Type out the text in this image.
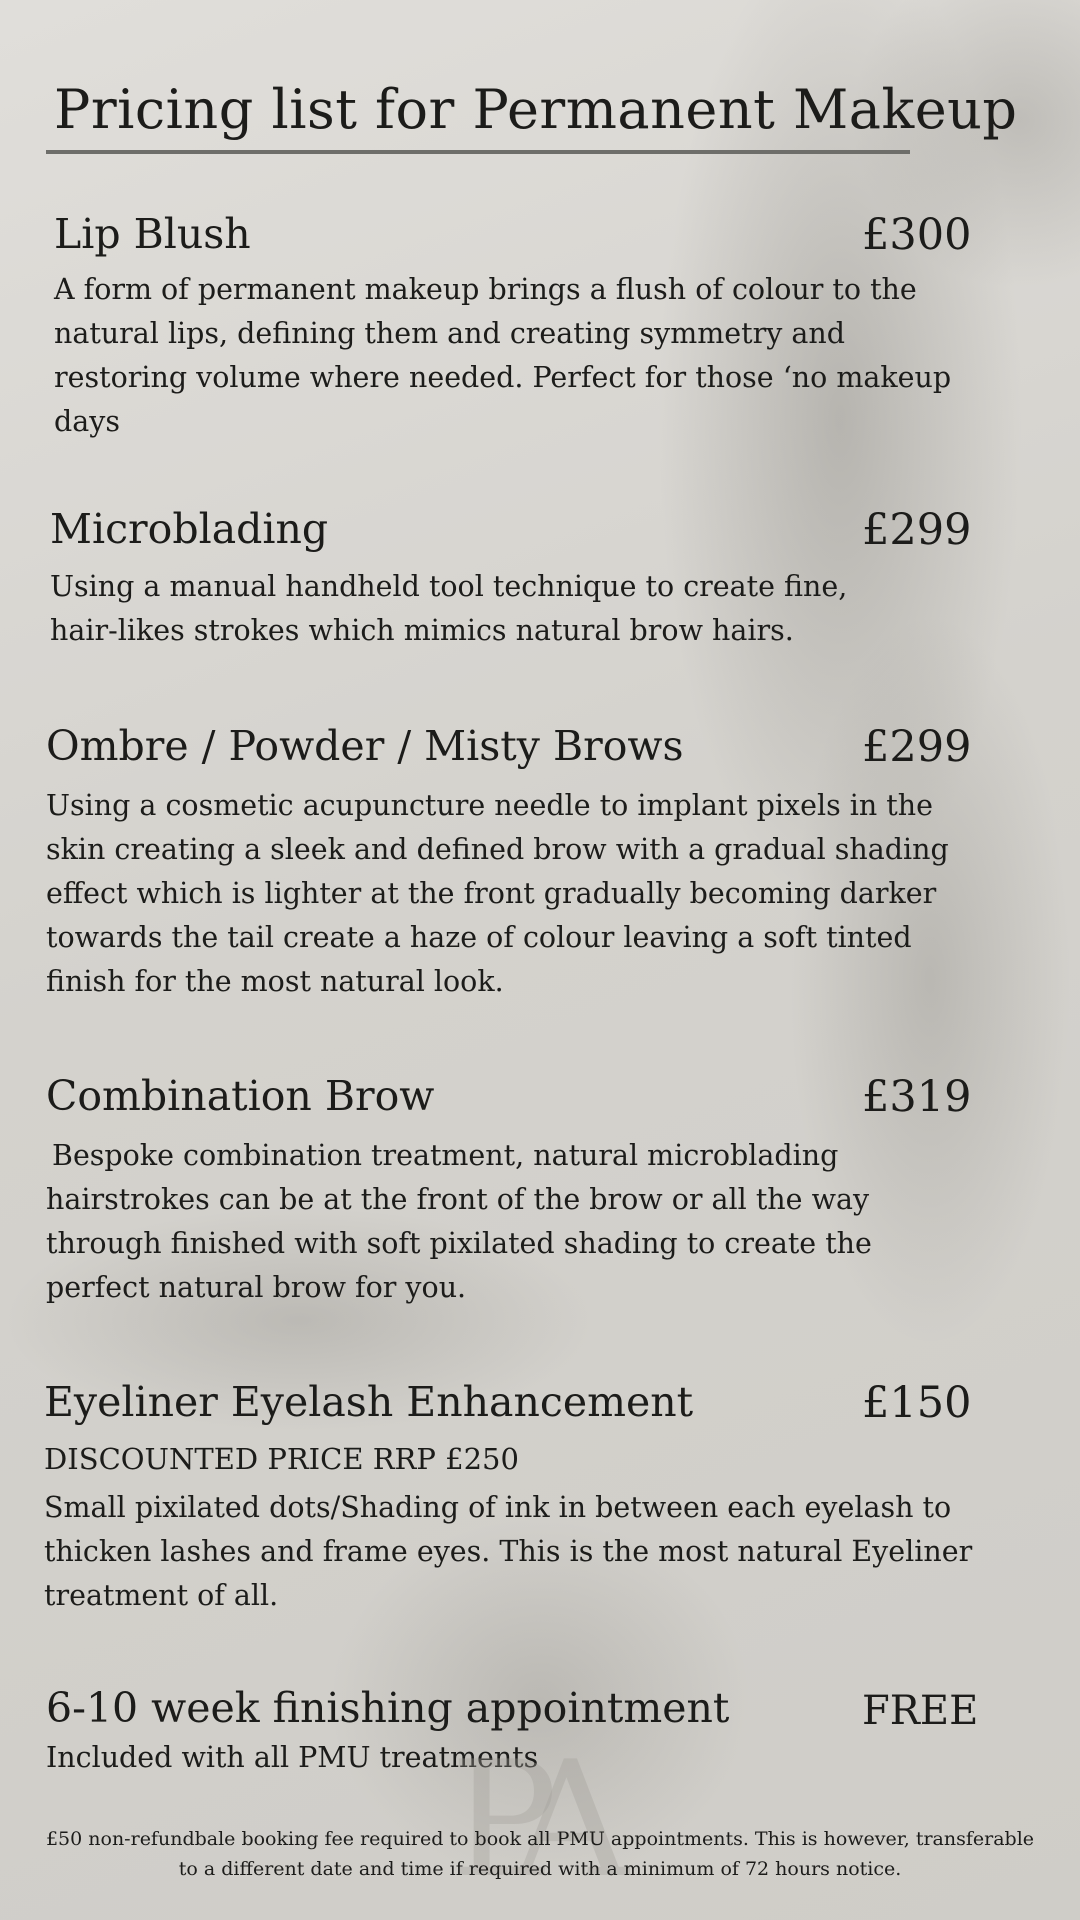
Pricing list for Permanent Makeup
Lip Blush	£300

A form of permanent makeup brings a flush of colour to the natural lips, defining them and creating symmetry and restoring volume where needed. Perfect for those ‘no makeup days

Microblading	£299

Using a manual handheld tool technique to create fine, hair-likes strokes which mimics natural brow hairs.

Ombre / Powder / Misty Brows	£299

Using a cosmetic acupuncture needle to implant pixels in the skin creating a sleek and defined brow with a gradual shading effect which is lighter at the front gradually becoming darker towards the tail create a haze of colour leaving a soft tinted finish for the most natural look.

Combination Brow	£319

Bespoke combination treatment, natural microblading hairstrokes can be at the front of the brow or all the way through finished with soft pixilated shading to create the perfect natural brow for you.

Eyeliner Eyelash Enhancement	£150

DISCOUNTED PRICE RRP £250

Small pixilated dots/Shading of ink in between each eyelash to thicken lashes and frame eyes. This is the most natural Eyeliner treatment of all.

6-10 week finishing appointment	FREE

Included with all PMU treatments

PA

£50 non-refundbale booking fee required to book all PMU appointments. This is however, transferable to a different date and time if required with a minimum of 72 hours notice.
